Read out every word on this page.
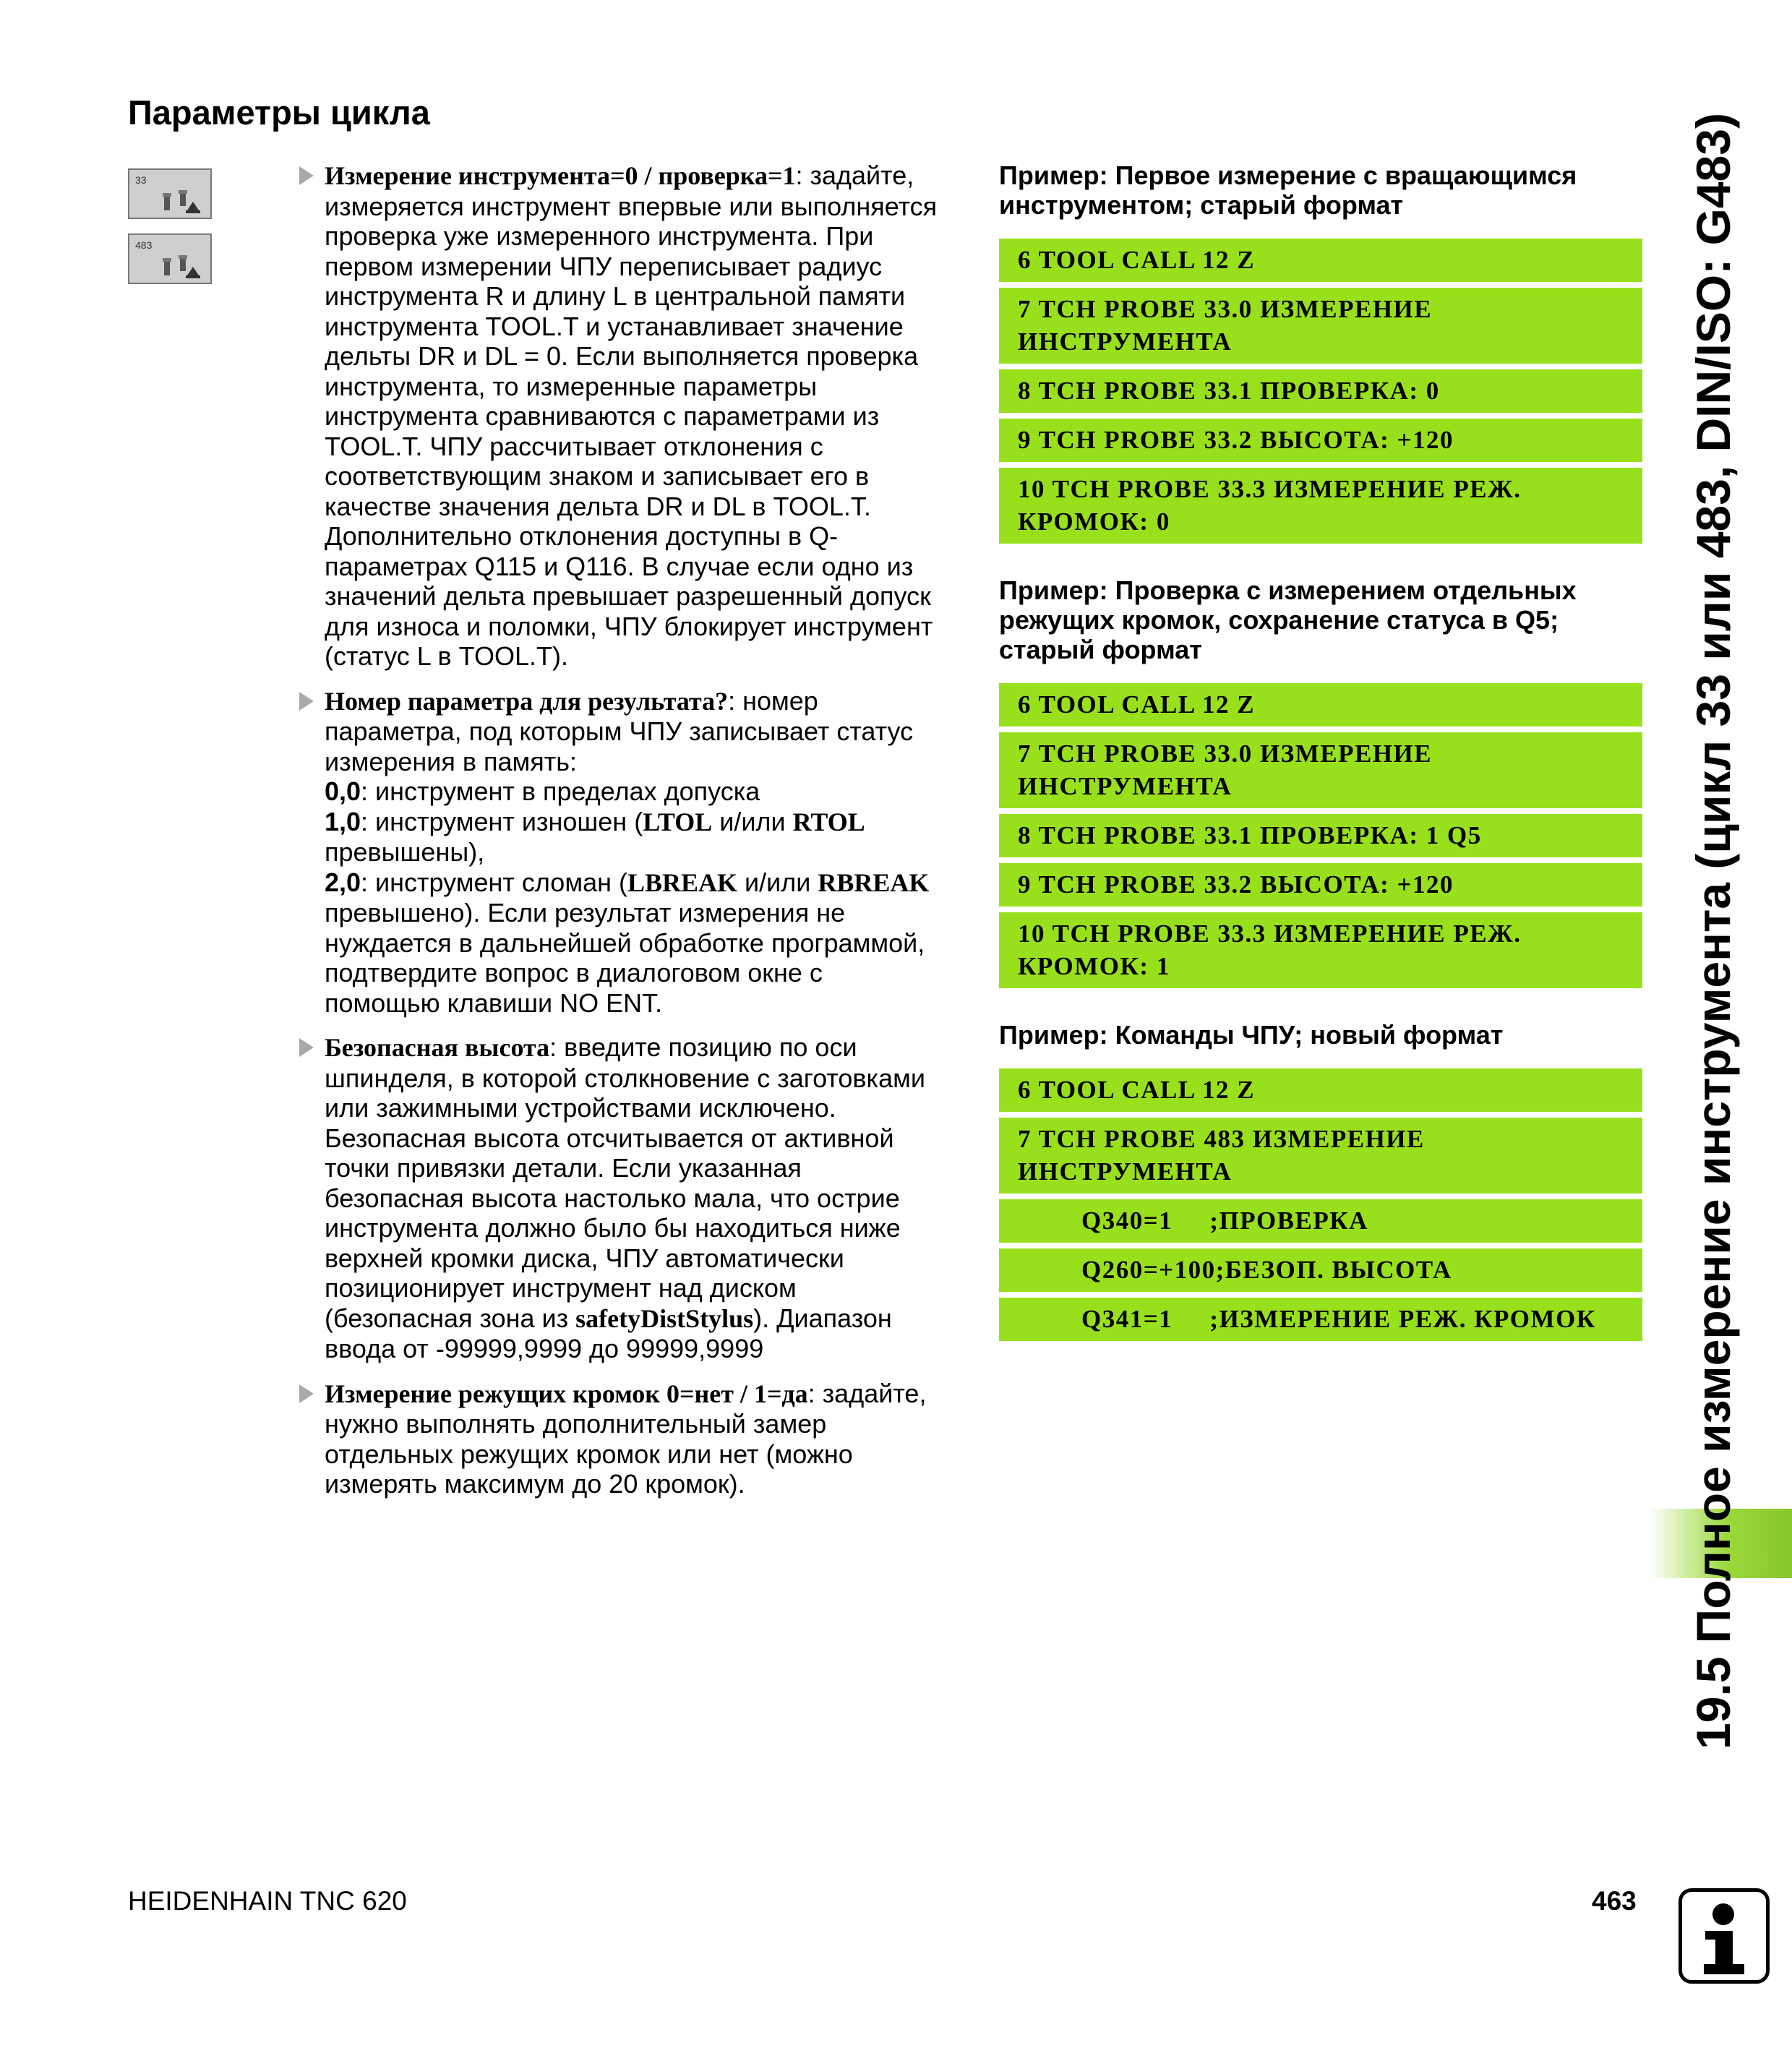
Параметры цикла
33
483
Измерение инструмента=0 / проверка=1: задайте,
измеряется инструмент впервые или выполняется
проверка уже измеренного инструмента. При
первом измерении ЧПУ переписывает радиус
инструмента R и длину L в центральной памяти
инструмента TOOL.T и устанавливает значение
дельты DR и DL = 0. Если выполняется проверка
инструмента, то измеренные параметры
инструмента сравниваются с параметрами из
TOOL.T. ЧПУ рассчитывает отклонения с
соответствующим знаком и записывает его в
качестве значения дельта DR и DL в TOOL.T.
Дополнительно отклонения доступны в Q-
параметрах Q115 и Q116. В случае если одно из
значений дельта превышает разрешенный допуск
для износа и поломки, ЧПУ блокирует инструмент
(статус L в TOOL.T).
Номер параметра для результата?: номер
параметра, под которым ЧПУ записывает статус
измерения в память:
0,0: инструмент в пределах допуска
1,0: инструмент изношен (LTOL и/или RTOL
превышены),
2,0: инструмент сломан (LBREAK и/или RBREAK
превышено). Если результат измерения не
нуждается в дальнейшей обработке программой,
подтвердите вопрос в диалоговом окне с
помощью клавиши NO ENT.
Безопасная высота: введите позицию по оси
шпинделя, в которой столкновение с заготовками
или зажимными устройствами исключено.
Безопасная высота отсчитывается от активной
точки привязки детали. Если указанная
безопасная высота настолько мала, что острие
инструмента должно было бы находиться ниже
верхней кромки диска, ЧПУ автоматически
позиционирует инструмент над диском
(безопасная зона из safetyDistStylus). Диапазон
ввода от -99999,9999 до 99999,9999
Измерение режущих кромок 0=нет / 1=да: задайте,
нужно выполнять дополнительный замер
отдельных режущих кромок или нет (можно
измерять максимум до 20 кромок).
Пример: Первое измерение с вращающимся
инструментом; старый формат
6 TOOL CALL 12 Z
7 TCH PROBE 33.0 ИЗМЕРЕНИЕ
ИНСТРУМЕНТА
8 TCH PROBE 33.1 ПРОВЕРКА: 0
9 TCH PROBE 33.2 ВЫСОТА: +120
10 TCH PROBE 33.3 ИЗМЕРЕНИЕ РЕЖ.
КРОМОК: 0
Пример: Проверка с измерением отдельных
режущих кромок, сохранение статуса в Q5;
старый формат
6 TOOL CALL 12 Z
7 TCH PROBE 33.0 ИЗМЕРЕНИЕ
ИНСТРУМЕНТА
8 TCH PROBE 33.1 ПРОВЕРКА: 1 Q5
9 TCH PROBE 33.2 ВЫСОТА: +120
10 TCH PROBE 33.3 ИЗМЕРЕНИЕ РЕЖ.
КРОМОК: 1
Пример: Команды ЧПУ; новый формат
6 TOOL CALL 12 Z
7 TCH PROBE 483 ИЗМЕРЕНИЕ
ИНСТРУМЕНТА
Q340=1     ;ПРОВЕРКА
Q260=+100;БЕЗОП. ВЫСОТА
Q341=1     ;ИЗМЕРЕНИЕ РЕЖ. КРОМОК	19.5 Полное измерение инструмента (цикл 33 или 483, DIN/ISO: G483)
HEIDENHAIN TNC 620	463
